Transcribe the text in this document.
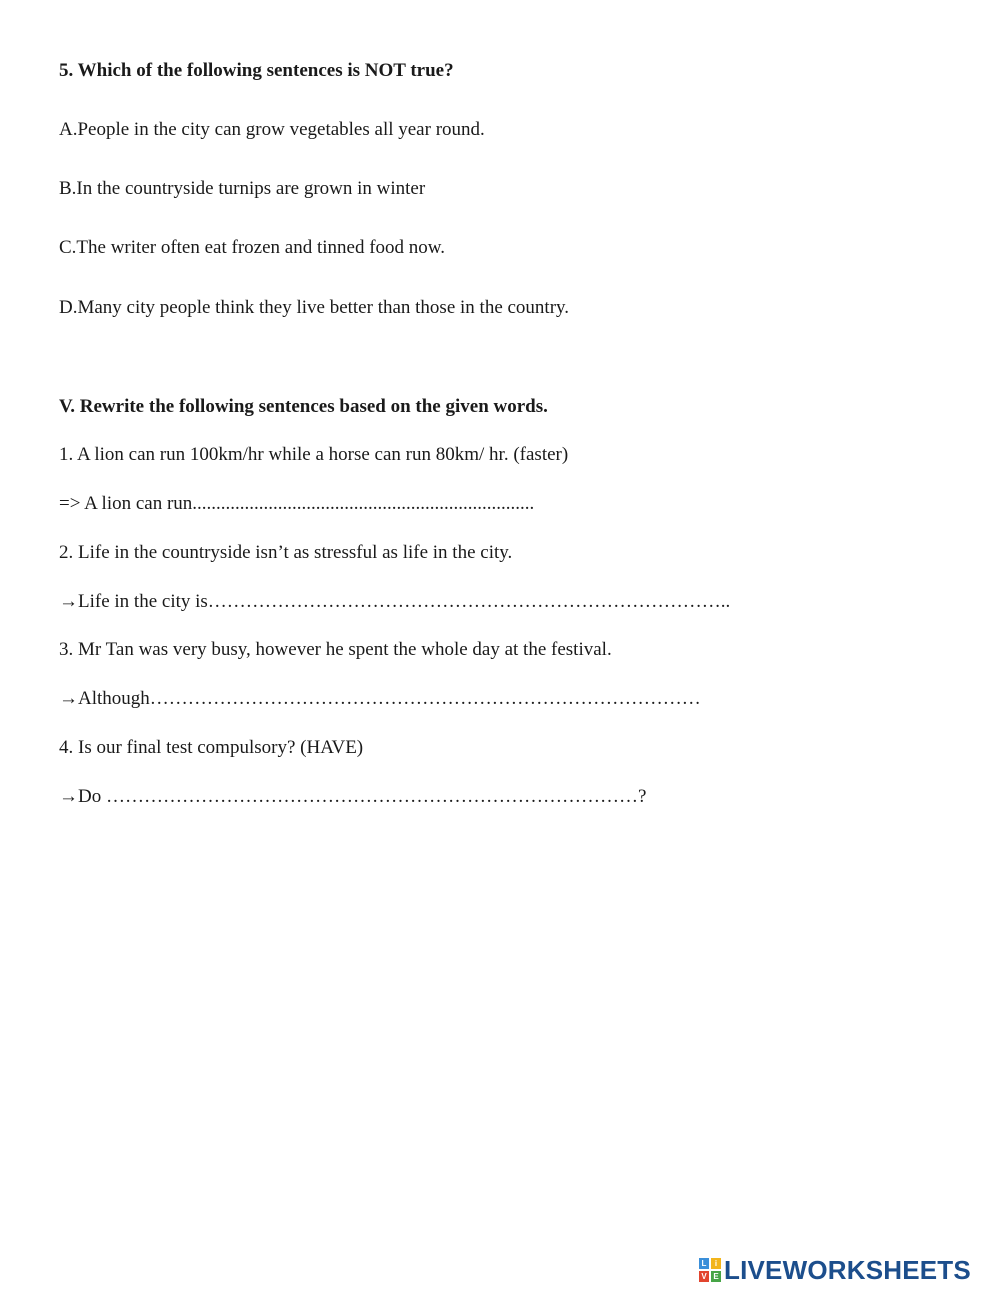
5. Which of the following sentences is NOT true?

A.People in the city can grow vegetables all year round.

B.In the countryside turnips are grown in winter

C.The writer often eat frozen and tinned food now.

D.Many city people think they live better than those in the country.

V. Rewrite the following sentences based on the given words.

1. A lion can run 100km/hr while a horse can run 80km/ hr. (faster)

=> A lion can run........................................................................

2. Life in the countryside isn’t as stressful as life in the city.

→Life in the city is………………………………………………………………………..

3. Mr Tan was very busy, however he spent the whole day at the festival.

→Although……………………………………………………………………………

4. Is our final test compulsory? (HAVE)

→Do …………………………………………………………………………?

L	i
V E LIVEWORKSHEETS
